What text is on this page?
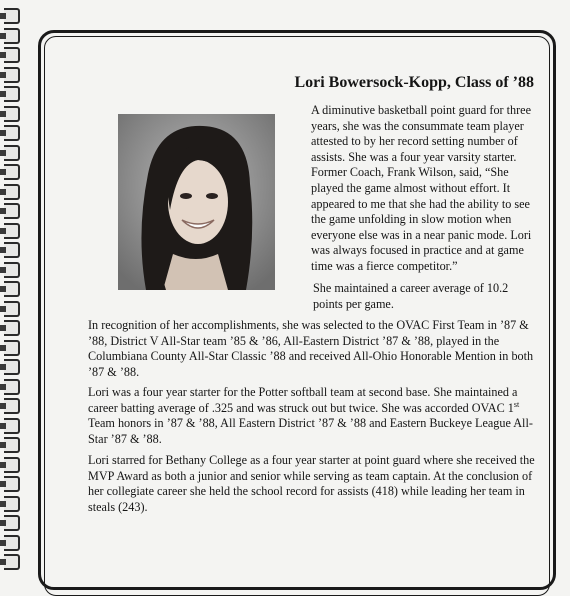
Lori Bowersock-Kopp, Class of ’88
A diminutive basketball point guard for three years, she was the consummate team player attested to by her record setting number of assists. She was a four year varsity starter. Former Coach, Frank Wilson, said, “She played the game almost without effort. It appeared to me that she had the ability to see the game unfolding in slow motion when everyone else was in a near panic mode. Lori was always focused in practice and at game time was a fierce competitor.”
She maintained a career average of 10.2 points per game.
In recognition of her accomplishments, she was selected to the OVAC First Team in ’87 & ’88, District V All-Star team ’85 & ’86, All-Eastern District ’87 & ’88, played in the Columbiana County All-Star Classic ’88 and received All-Ohio Honorable Mention in both ’87 & ’88.
Lori was a four year starter for the Potter softball team at second base. She maintained a career batting average of .325 and was struck out but twice. She was accorded OVAC 1st Team honors in ’87 & ’88, All Eastern District ’87 & ’88 and Eastern Buckeye League All-Star ’87 & ’88.
Lori starred for Bethany College as a four year starter at point guard where she received the MVP Award as both a junior and senior while serving as team captain. At the conclusion of her collegiate career she held the school record for assists (418) while leading her team in steals (243).
